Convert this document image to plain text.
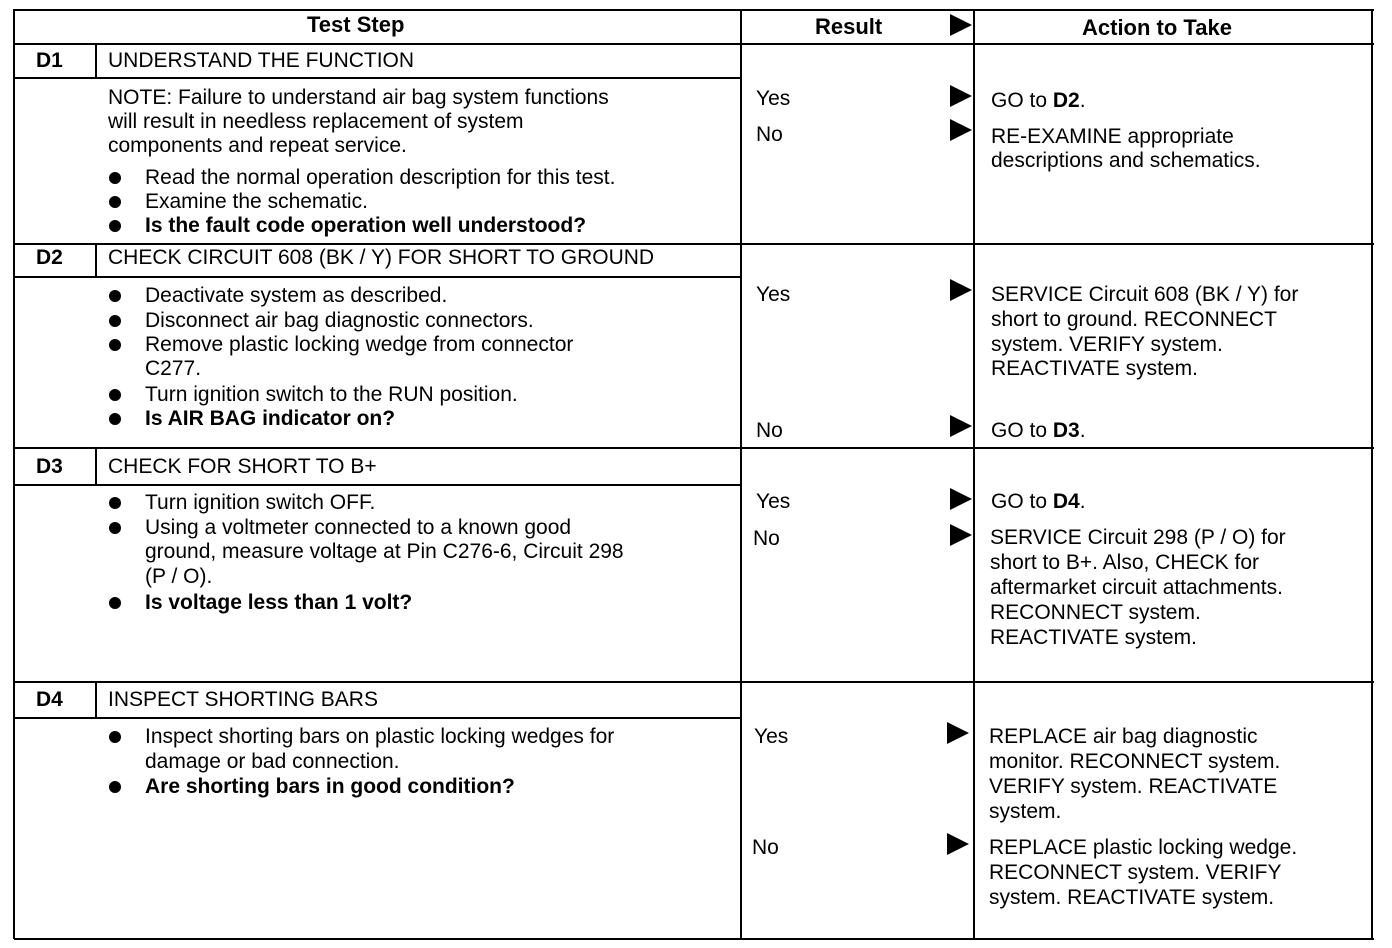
Test Step	Result	Action to Take
D1 UNDERSTAND THE FUNCTION
NOTE: Failure to understand air bag system functions
will result in needless replacement of system
components and repeat service.
Read the normal operation description for this test.
Examine the schematic.
Is the fault code operation well understood?
Yes	GO to D2.
No	RE-EXAMINE appropriate
descriptions and schematics.
D2 CHECK CIRCUIT 608 (BK / Y) FOR SHORT TO GROUND
Deactivate system as described.
Disconnect air bag diagnostic connectors.
Remove plastic locking wedge from connector
C277.
Turn ignition switch to the RUN position.
Is AIR BAG indicator on?
Yes	SERVICE Circuit 608 (BK / Y) for
short to ground. RECONNECT
system. VERIFY system.
REACTIVATE system.
No	GO to D3.
D3 CHECK FOR SHORT TO B+
Turn ignition switch OFF.
Using a voltmeter connected to a known good
ground, measure voltage at Pin C276-6, Circuit 298
(P / O).
Is voltage less than 1 volt?
Yes	GO to D4.
No	SERVICE Circuit 298 (P / O) for
short to B+. Also, CHECK for
aftermarket circuit attachments.
RECONNECT system.
REACTIVATE system.
D4 INSPECT SHORTING BARS
Inspect shorting bars on plastic locking wedges for
damage or bad connection.
Are shorting bars in good condition?
Yes	REPLACE air bag diagnostic
monitor. RECONNECT system.
VERIFY system. REACTIVATE
system.
No	REPLACE plastic locking wedge.
RECONNECT system. VERIFY
system. REACTIVATE system.
